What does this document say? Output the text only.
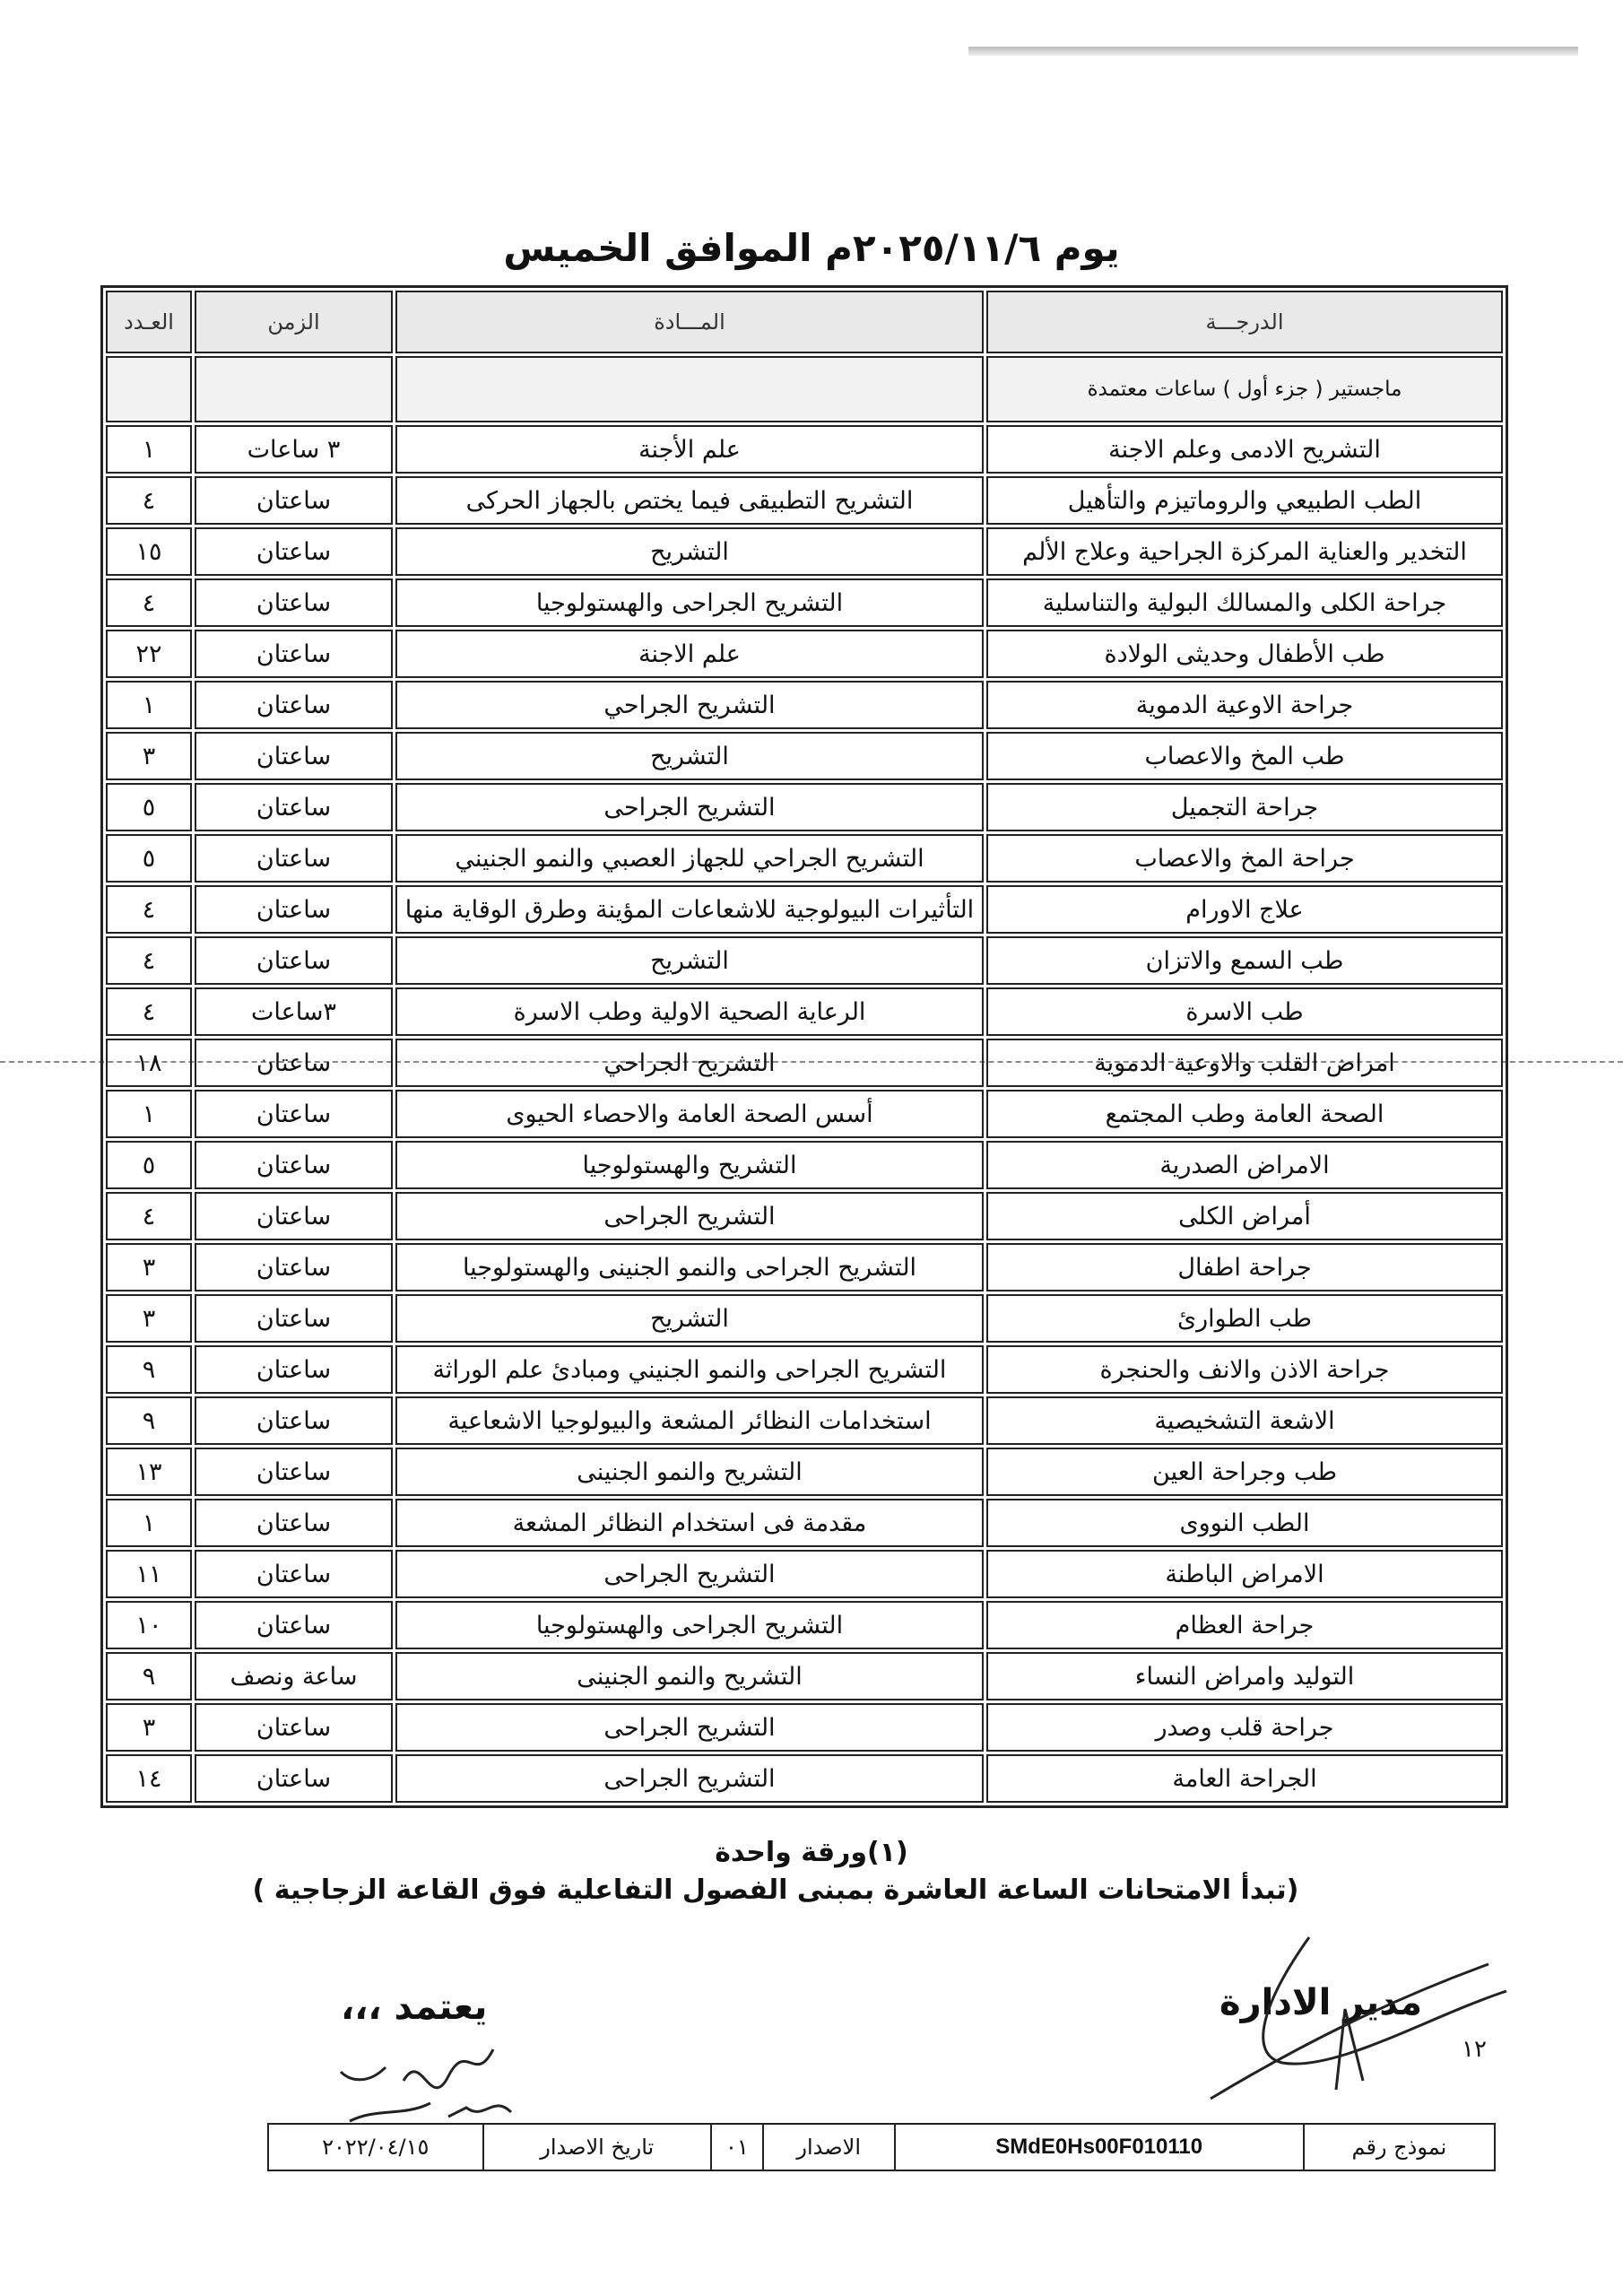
يوم ٢٠٢٥/١١/٦م الموافق الخميس
الدرجـــة	المـــادة	الزمن	العـدد
ماجستير ( جزء أول ) ساعات معتمدة			
التشريح الادمى وعلم الاجنة	علم الأجنة	٣ ساعات	١
الطب الطبيعي والروماتيزم والتأهيل	التشريح التطبيقى فيما يختص بالجهاز الحركى	ساعتان	٤
التخدير والعناية المركزة الجراحية وعلاج الألم	التشريح	ساعتان	١٥
جراحة الكلى والمسالك البولية والتناسلية	التشريح الجراحى والهستولوجيا	ساعتان	٤
طب الأطفال وحديثى الولادة	علم الاجنة	ساعتان	٢٢
جراحة الاوعية الدموية	التشريح الجراحي	ساعتان	١
طب المخ والاعصاب	التشريح	ساعتان	٣
جراحة التجميل	التشريح الجراحى	ساعتان	٥
جراحة المخ والاعصاب	التشريح الجراحي للجهاز العصبي والنمو الجنيني	ساعتان	٥
علاج الاورام	التأثيرات البيولوجية للاشعاعات المؤينة وطرق الوقاية منها	ساعتان	٤
طب السمع والاتزان	التشريح	ساعتان	٤
طب الاسرة	الرعاية الصحية الاولية وطب الاسرة	٣ساعات	٤
امراض القلب والاوعية الدموية	التشريح الجراحي	ساعتان	١٨
الصحة العامة وطب المجتمع	أسس الصحة العامة والاحصاء الحيوى	ساعتان	١
الامراض الصدرية	التشريح والهستولوجيا	ساعتان	٥
أمراض الكلى	التشريح الجراحى	ساعتان	٤
جراحة اطفال	التشريح الجراحى والنمو الجنينى والهستولوجيا	ساعتان	٣
طب الطوارئ	التشريح	ساعتان	٣
جراحة الاذن والانف والحنجرة	التشريح الجراحى والنمو الجنيني ومبادئ علم الوراثة	ساعتان	٩
الاشعة التشخيصية	استخدامات النظائر المشعة والبيولوجيا الاشعاعية	ساعتان	٩
طب وجراحة العين	التشريح والنمو الجنينى	ساعتان	١٣
الطب النووى	مقدمة فى استخدام النظائر المشعة	ساعتان	١
الامراض الباطنة	التشريح الجراحى	ساعتان	١١
جراحة العظام	التشريح الجراحى والهستولوجيا	ساعتان	١٠
التوليد وامراض النساء	التشريح والنمو الجنينى	ساعة ونصف	٩
جراحة قلب وصدر	التشريح الجراحى	ساعتان	٣
الجراحة العامة	التشريح الجراحى	ساعتان	١٤
(١)ورقة واحدة
(تبدأ الامتحانات الساعة العاشرة بمبنى الفصول التفاعلية فوق القاعة الزجاجية )
يعتمد ،،،	مدير الادارة
١٢
نموذج رقم	SMdE0Hs00F010110	الاصدار	٠١	تاريخ الاصدار	٢٠٢٢/٠٤/١٥
